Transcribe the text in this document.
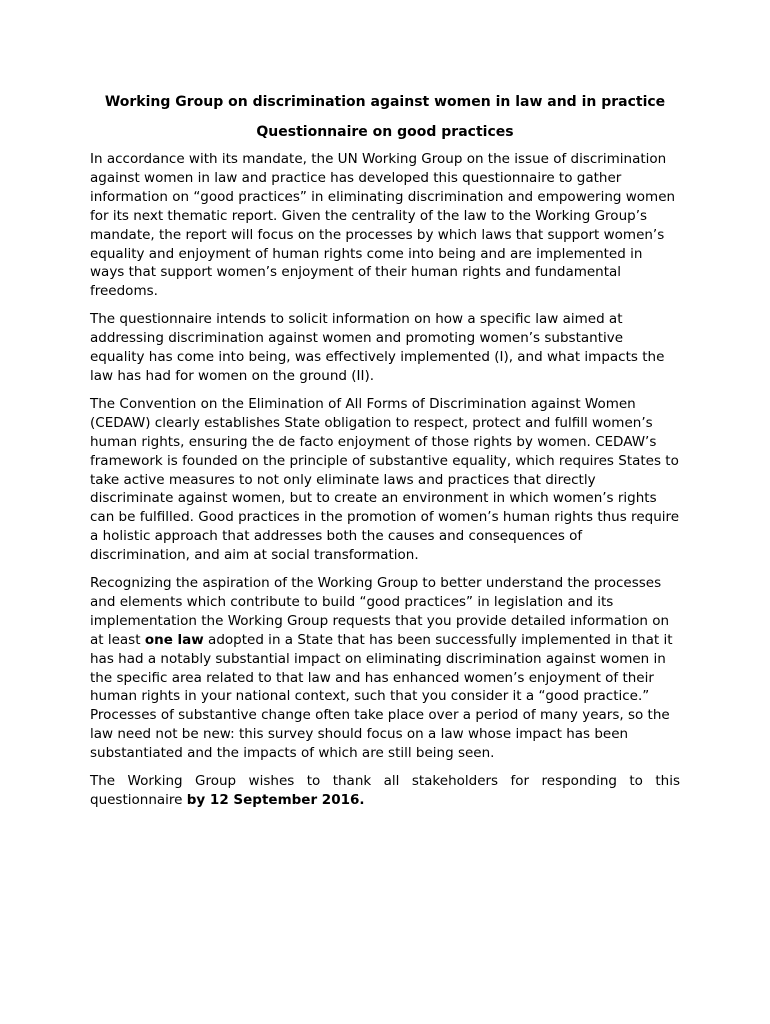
Working Group on discrimination against women in law and in practice
Questionnaire on good practices

In accordance with its mandate, the UN Working Group on the issue of discrimination against women in law and practice has developed this questionnaire to gather information on “good practices” in eliminating discrimination and empowering women for its next thematic report. Given the centrality of the law to the Working Group’s mandate, the report will focus on the processes by which laws that support women’s equality and enjoyment of human rights come into being and are implemented in ways that support women’s enjoyment of their human rights and fundamental freedoms.

The questionnaire intends to solicit information on how a specific law aimed at addressing discrimination against women and promoting women’s substantive equality has come into being, was effectively implemented (I), and what impacts the law has had for women on the ground (II).

The Convention on the Elimination of All Forms of Discrimination against Women (CEDAW) clearly establishes State obligation to respect, protect and fulfill women’s human rights, ensuring the de facto enjoyment of those rights by women. CEDAW’s framework is founded on the principle of substantive equality, which requires States to take active measures to not only eliminate laws and practices that directly discriminate against women, but to create an environment in which women’s rights can be fulfilled. Good practices in the promotion of women’s human rights thus require a holistic approach that addresses both the causes and consequences of discrimination, and aim at social transformation.

Recognizing the aspiration of the Working Group to better understand the processes and elements which contribute to build “good practices” in legislation and its implementation the Working Group requests that you provide detailed information on at least one law adopted in a State that has been successfully implemented in that it has had a notably substantial impact on eliminating discrimination against women in the specific area related to that law and has enhanced women’s enjoyment of their human rights in your national context, such that you consider it a “good practice.” Processes of substantive change often take place over a period of many years, so the law need not be new: this survey should focus on a law whose impact has been substantiated and the impacts of which are still being seen.

The Working Group wishes to thank all stakeholders for responding to this questionnaire by 12 September 2016.
